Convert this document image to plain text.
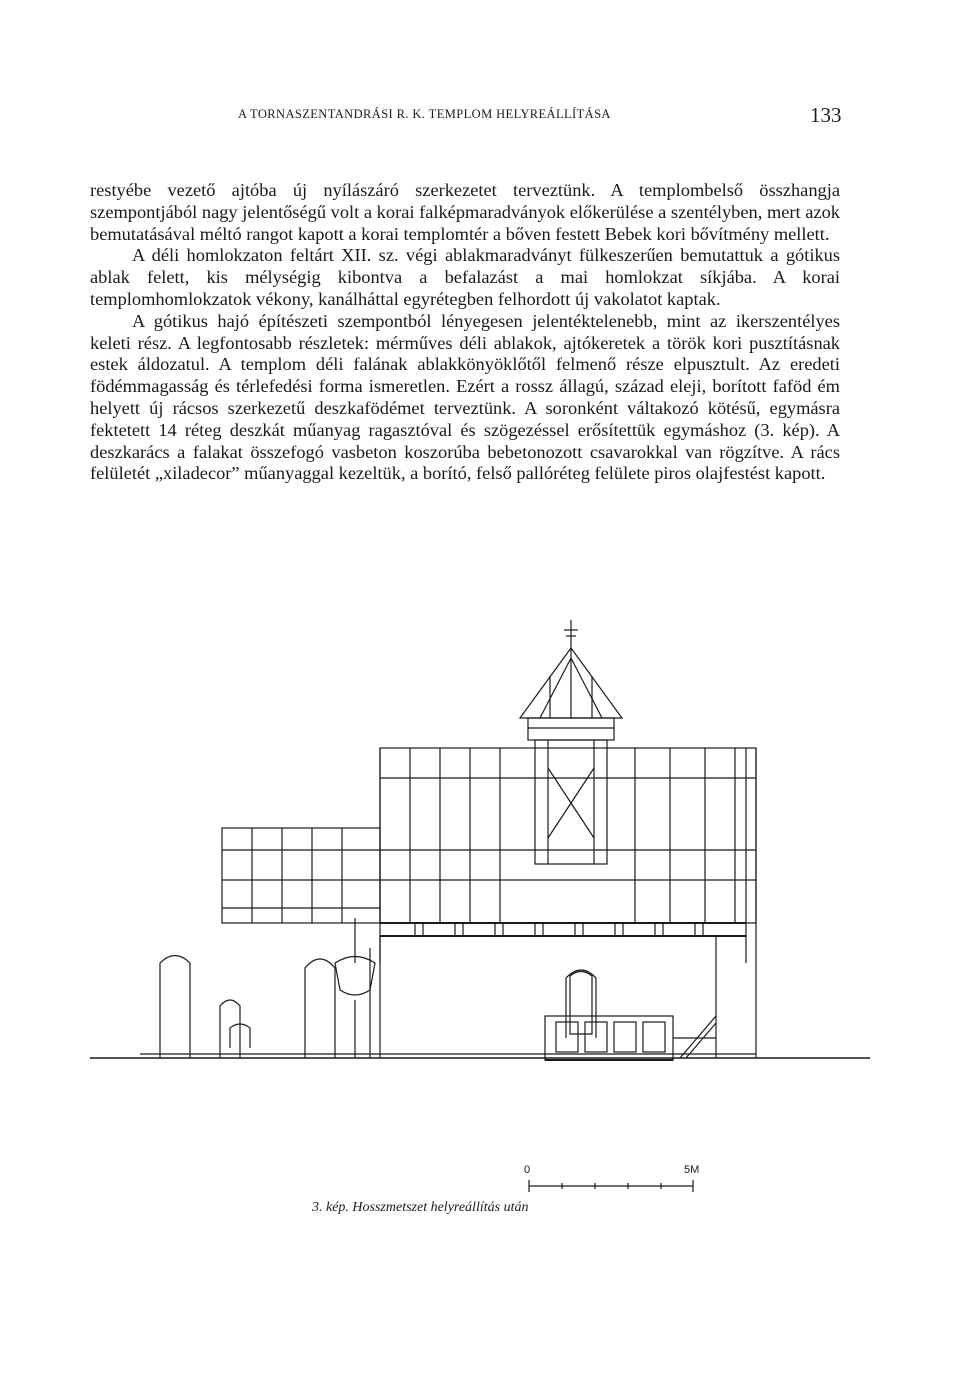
A TORNASZENTANDRÁSI R. K. TEMPLOM HELYREÁLLÍTÁSA	133

restyébe vezető ajtóba új nyílászáró szerkezetet terveztünk. A templombelső összhangja szempontjából nagy jelentőségű volt a korai falképmaradványok előkerülése a szentélyben, mert azok bemutatásával méltó rangot kapott a korai templomtér a bőven festett Bebek kori bővítmény mellett.

A déli homlokzaton feltárt XII. sz. végi ablakmaradványt fülkeszerűen bemutattuk a gótikus ablak felett, kis mélységig kibontva a befalazást a mai homlokzat síkjába. A korai templomhomlokzatok vékony, kanálháttal egyrétegben felhordott új vakolatot kaptak.

A gótikus hajó építészeti szempontból lényegesen jelentéktelenebb, mint az ikerszentélyes keleti rész. A legfontosabb részletek: mérműves déli ablakok, ajtókeretek a török kori pusztításnak estek áldozatul. A templom déli falának ablakkönyöklőtől felmenő része elpusztult. Az eredeti födémmagasság és térlefedési forma ismeretlen. Ezért a rossz állagú, század eleji, borított faföd ém helyett új rácsos szerkezetű deszkafödémet terveztünk. A soronként váltakozó kötésű, egymásra fektetett 14 réteg deszkát műanyag ragasztóval és szögezéssel erősítettük egymáshoz (3. kép). A deszkarács a falakat összefogó vasbeton koszorúba bebetonozott csavarokkal van rögzítve. A rács felületét „xiladecor” műanyaggal kezeltük, a borító, felső pallóréteg felülete piros olajfestést kapott.

0	5M
3. kép. Hosszmetszet helyreállítás után
